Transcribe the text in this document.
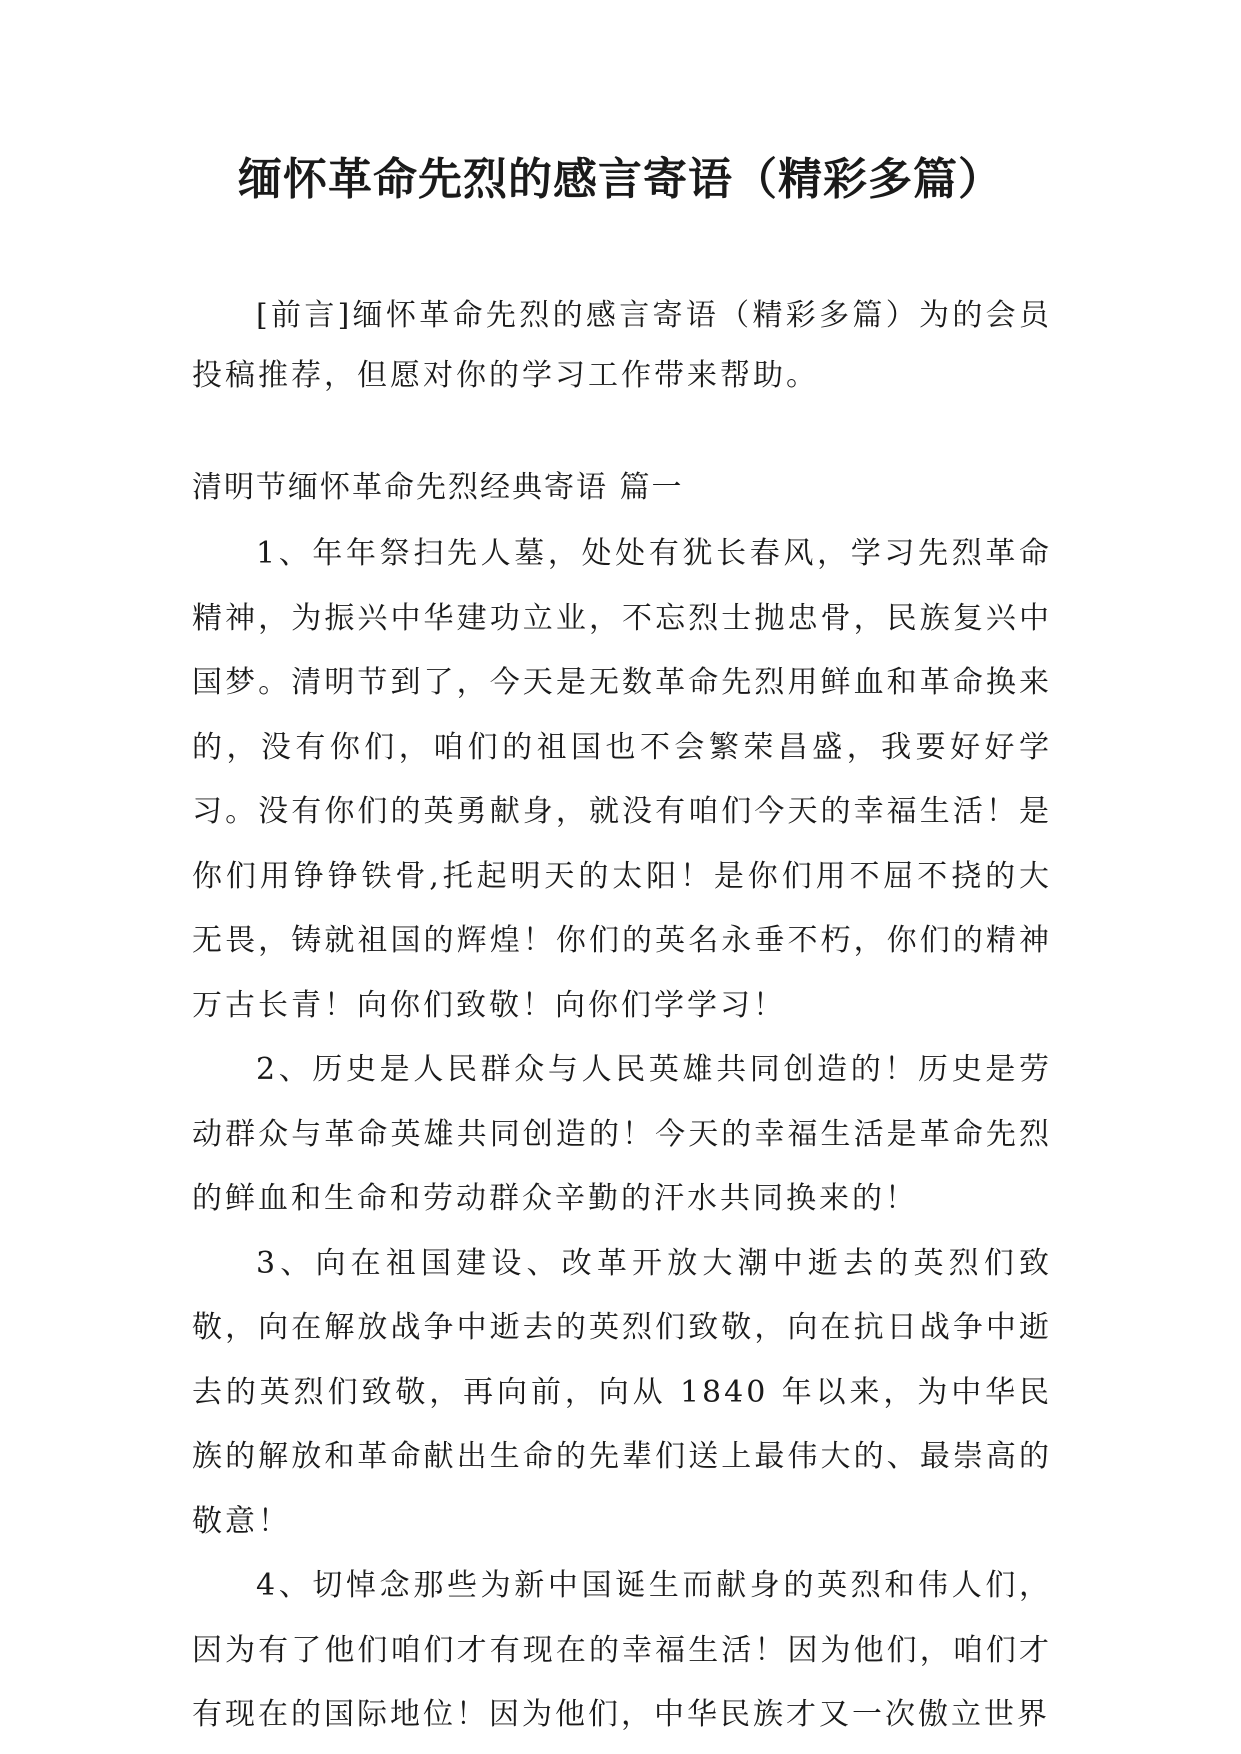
缅怀革命先烈的感言寄语（精彩多篇）

[前言]缅怀革命先烈的感言寄语（精彩多篇）为的会员投稿推荐，但愿对你的学习工作带来帮助。

清明节缅怀革命先烈经典寄语 篇一

1、年年祭扫先人墓，处处有犹长春风，学习先烈革命精神，为振兴中华建功立业，不忘烈士抛忠骨，民族复兴中国梦。清明节到了，今天是无数革命先烈用鲜血和革命换来的，没有你们，咱们的祖国也不会繁荣昌盛，我要好好学习。没有你们的英勇献身，就没有咱们今天的幸福生活！是你们用铮铮铁骨,托起明天的太阳！是你们用不屈不挠的大无畏，铸就祖国的辉煌！你们的英名永垂不朽，你们的精神万古长青！向你们致敬！向你们学学习！

2、历史是人民群众与人民英雄共同创造的！历史是劳动群众与革命英雄共同创造的！今天的幸福生活是革命先烈的鲜血和生命和劳动群众辛勤的汗水共同换来的！

3、向在祖国建设、改革开放大潮中逝去的英烈们致敬，向在解放战争中逝去的英烈们致敬，向在抗日战争中逝去的英烈们致敬，再向前，向从 1840 年以来，为中华民族的解放和革命献出生命的先辈们送上最伟大的、最崇高的敬意！

4、切悼念那些为新中国诞生而献身的英烈和伟人们，因为有了他们咱们才有现在的幸福生活！因为他们，咱们才有现在的国际地位！因为他们，中华民族才又一次傲立世界
